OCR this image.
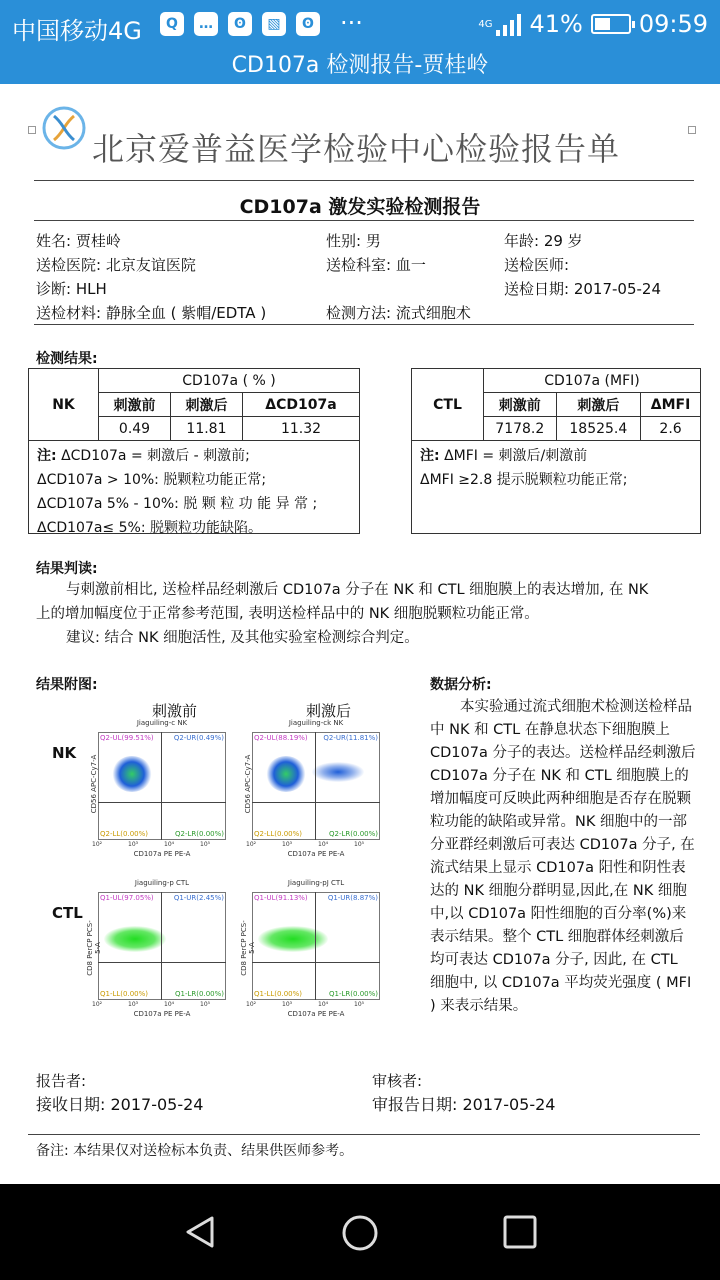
中国移动4G	Q	…	ʘ	▧	ʘ ···	4G 41% 09:59
CD107a 检测报告-贾桂岭
北京爱普益医学检验中心检验报告单
CD107a 激发实验检测报告
姓名: 贾桂岭	性别: 男	年龄: 29 岁
送检医院: 北京友谊医院	送检科室: 血一	送检医师:
诊断: HLH	送检日期: 2017-05-24
送检材料: 静脉全血 ( 紫帽/EDTA )	检测方法: 流式细胞术
检测结果:
NK	CD107a ( % )		
	刺激前	刺激后	ΔCD107a
	0.49	11.81	11.32
注: ΔCD107a = 刺激后 - 刺激前;
ΔCD107a > 10%: 脱颗粒功能正常;
ΔCD107a 5% - 10%: 脱 颗 粒 功 能 异 常 ;
ΔCD107a≤ 5%: 脱颗粒功能缺陷。
CTL	CD107a (MFI)		
	刺激前	刺激后	ΔMFI
	7178.2	18525.4	2.6
注: ΔMFI = 刺激后/刺激前
ΔMFI ≥2.8 提示脱颗粒功能正常;
结果判读:
与刺激前相比, 送检样品经刺激后 CD107a 分子在 NK 和 CTL 细胞膜上的表达增加, 在 NK
上的增加幅度位于正常参考范围, 表明送检样品中的 NK 细胞脱颗粒功能正常。
建议: 结合 NK 细胞活性, 及其他实验室检测综合判定。
结果附图:
刺激前	刺激后
NK
CTL
Jiaguiling-c NK
Q2-UL(99.51%)	Q2-UR(0.49%)
Q2-LL(0.00%)	Q2-LR(0.00%)
10²	10³	10⁴	10⁵
CD107a PE PE-A
CD56 APC-Cy7-A
Jiaguiling-ck NK
Q2-UL(88.19%) Q2-UR(11.81%)
Q2-LL(0.00%)	Q2-LR(0.00%)
10²	10³	10⁴	10⁵
CD107a PE PE-A
CD56 APC-Cy7-A
Jiaguiling-p CTL
Q1-UL(97.05%)	Q1-UR(2.45%)
Q1-LL(0.00%)	Q1-LR(0.00%)
10²	10³	10⁴	10⁵
CD107a PE PE-A
CD8 PerCP PCS-5-A
Jiaguiling-pJ CTL
Q1-UL(91.13%)	Q1-UR(8.87%)
Q1-LL(0.00%)	Q1-LR(0.00%)
10²	10³	10⁴	10⁵
CD107a PE PE-A
CD8 PerCP PCS-5-A
数据分析:
本实验通过流式细胞术检测送检样品中 NK 和 CTL 在静息状态下细胞膜上 CD107a 分子的表达。送检样品经刺激后 CD107a 分子在 NK 和 CTL 细胞膜上的增加幅度可反映此两种细胞是否存在脱颗粒功能的缺陷或异常。NK 细胞中的一部分亚群经刺激后可表达 CD107a 分子, 在流式结果上显示 CD107a 阳性和阴性表达的 NK 细胞分群明显,因此,在 NK 细胞中,以 CD107a 阳性细胞的百分率(%)来表示结果。整个 CTL 细胞群体经刺激后均可表达 CD107a 分子, 因此, 在 CTL 细胞中, 以 CD107a 平均荧光强度 ( MFI ) 来表示结果。
报告者:	审核者:
接收日期: 2017-05-24	审报告日期: 2017-05-24
备注: 本结果仅对送检标本负责、结果供医师参考。
